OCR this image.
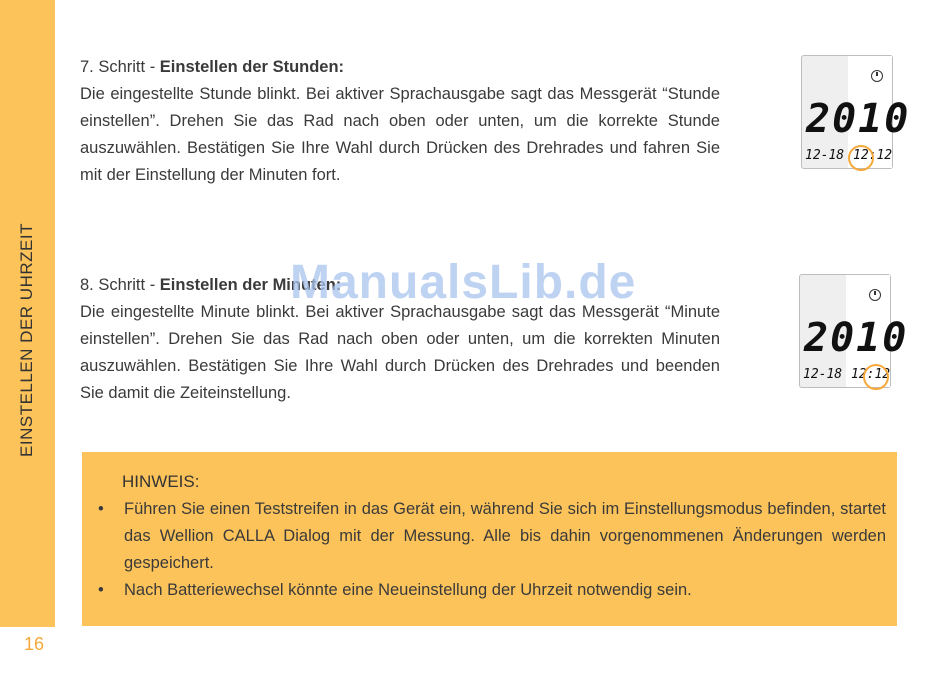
EINSTELLEN DER UHRZEIT
16

7. Schritt - Einstellen der Stunden:

Die eingestellte Stunde blinkt. Bei aktiver Sprachausgabe sagt das Messgerät “Stunde einstellen”. Drehen Sie das Rad nach oben oder unten, um die korrekte Stunde auszuwählen. Bestätigen Sie Ihre Wahl durch Drücken des Drehrades und fahren Sie mit der Einstellung der Minuten fort.

2010
12-18 12:12

8. Schritt - Einstellen der Minuten:

Die eingestellte Minute blinkt. Bei aktiver Sprachausgabe sagt das Messgerät “Minute einstellen”. Drehen Sie das Rad nach oben oder unten, um die korrekten Minuten auszuwählen. Bestätigen Sie Ihre Wahl durch Drücken des Drehrades und beenden Sie damit die Zeiteinstellung.

2010
12-18 12:12
ManualsLib.de
HINWEIS:
• Führen Sie einen Teststreifen in das Gerät ein, während Sie sich im Einstellungsmodus befinden, startet das Wellion CALLA Dialog mit der Messung. Alle bis dahin vorgenommenen Änderungen werden gespeichert.
• Nach Batteriewechsel könnte eine Neueinstellung der Uhrzeit notwendig sein.
